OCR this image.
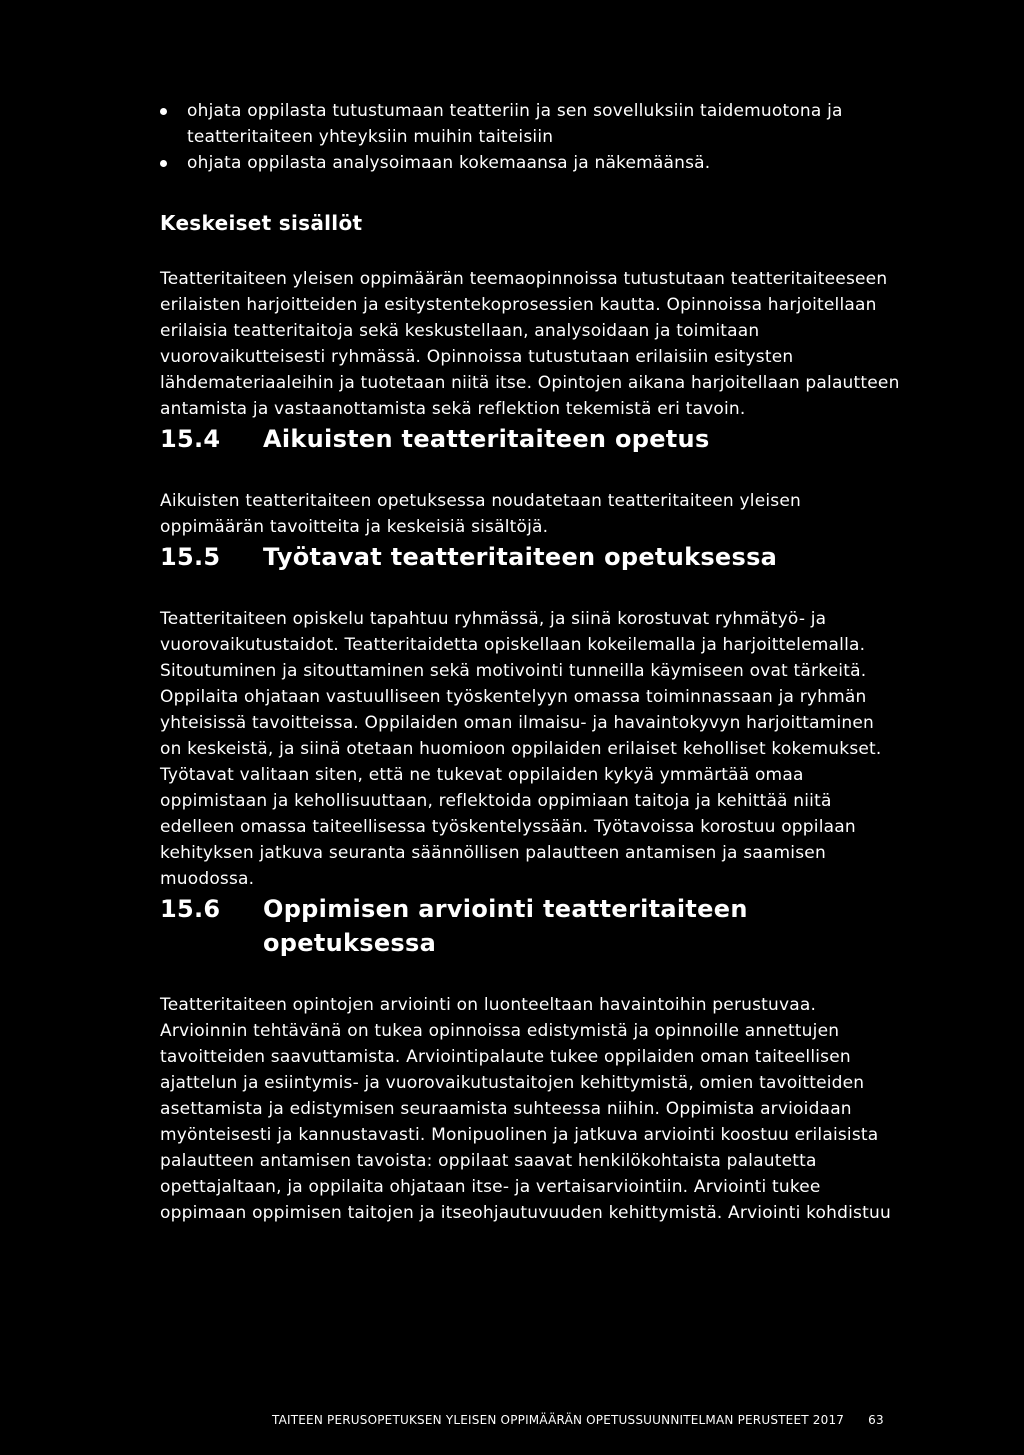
ohjata oppilasta tutustumaan teatteriin ja sen sovelluksiin taidemuotona ja teatteritaiteen yhteyksiin muihin taiteisiin
ohjata oppilasta analysoimaan kokemaansa ja näkemäänsä.
Keskeiset sisällöt

Teatteritaiteen yleisen oppimäärän teemaopinnoissa tutustutaan teatteritaiteeseen erilaisten harjoitteiden ja esitystentekoprosessien kautta. Opinnoissa harjoitellaan erilaisia teatteritaitoja sekä keskustellaan, analysoidaan ja toimitaan vuorovaikutteisesti ryhmässä. Opinnoissa tutustutaan erilaisiin esitysten lähdemateriaaleihin ja tuotetaan niitä itse. Opintojen aikana harjoitellaan palautteen antamista ja vastaanottamista sekä reflektion tekemistä eri tavoin.

15.4	Aikuisten teatteritaiteen opetus

Aikuisten teatteritaiteen opetuksessa noudatetaan teatteritaiteen yleisen oppimäärän tavoitteita ja keskeisiä sisältöjä.

15.5	Työtavat teatteritaiteen opetuksessa

Teatteritaiteen opiskelu tapahtuu ryhmässä, ja siinä korostuvat ryhmätyö- ja vuorovaikutustaidot. Teatteritaidetta opiskellaan kokeilemalla ja harjoittelemalla. Sitoutuminen ja sitouttaminen sekä motivointi tunneilla käymiseen ovat tärkeitä. Oppilaita ohjataan vastuulliseen työskentelyyn omassa toiminnassaan ja ryhmän yhteisissä tavoitteissa. Oppilaiden oman ilmaisu- ja havaintokyvyn harjoittaminen on keskeistä, ja siinä otetaan huomioon oppilaiden erilaiset keholliset kokemukset. Työtavat valitaan siten, että ne tukevat oppilaiden kykyä ymmärtää omaa oppimistaan ja kehollisuuttaan, reflektoida oppimiaan taitoja ja kehittää niitä edelleen omassa taiteellisessa työskentelyssään. Työtavoissa korostuu oppilaan kehityksen jatkuva seuranta säännöllisen palautteen antamisen ja saamisen muodossa.

15.6	Oppimisen arviointi teatteritaiteen opetuksessa

Teatteritaiteen opintojen arviointi on luonteeltaan havaintoihin perustuvaa. Arvioinnin tehtävänä on tukea opinnoissa edistymistä ja opinnoille annettujen tavoitteiden saavuttamista. Arviointipalaute tukee oppilaiden oman taiteellisen ajattelun ja esiintymis- ja vuorovaikutustaitojen kehittymistä, omien tavoitteiden asettamista ja edistymisen seuraamista suhteessa niihin. Oppimista arvioidaan myönteisesti ja kannustavasti. Monipuolinen ja jatkuva arviointi koostuu erilaisista palautteen antamisen tavoista: oppilaat saavat henkilökohtaista palautetta opettajaltaan, ja oppilaita ohjataan itse- ja vertaisarviointiin. Arviointi tukee oppimaan oppimisen taitojen ja itseohjautuvuuden kehittymistä. Arviointi kohdistuu

TAITEEN PERUSOPETUKSEN YLEISEN OPPIMÄÄRÄN OPETUSSUUNNITELMAN PERUSTEET 2017 63
